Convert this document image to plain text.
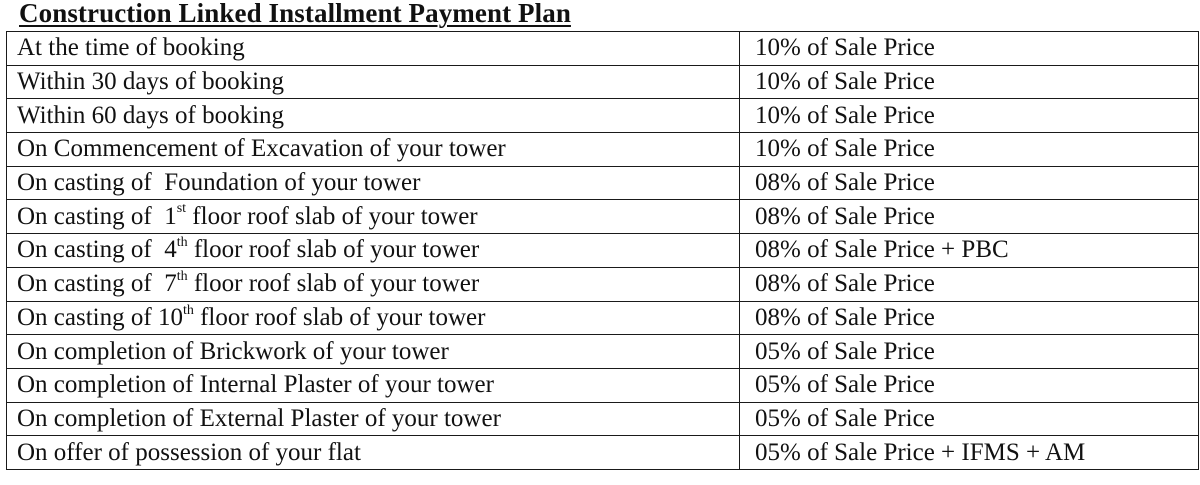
Construction Linked Installment Payment Plan
At the time of booking	10% of Sale Price
Within 30 days of booking	10% of Sale Price
Within 60 days of booking	10% of Sale Price
On Commencement of Excavation of your tower	10% of Sale Price
On casting of  Foundation of your tower	08% of Sale Price
On casting of  1st floor roof slab of your tower	08% of Sale Price
On casting of  4th floor roof slab of your tower	08% of Sale Price + PBC
On casting of  7th floor roof slab of your tower	08% of Sale Price
On casting of 10th floor roof slab of your tower	08% of Sale Price
On completion of Brickwork of your tower	05% of Sale Price
On completion of Internal Plaster of your tower	05% of Sale Price
On completion of External Plaster of your tower	05% of Sale Price
On offer of possession of your flat	05% of Sale Price + IFMS + AM
